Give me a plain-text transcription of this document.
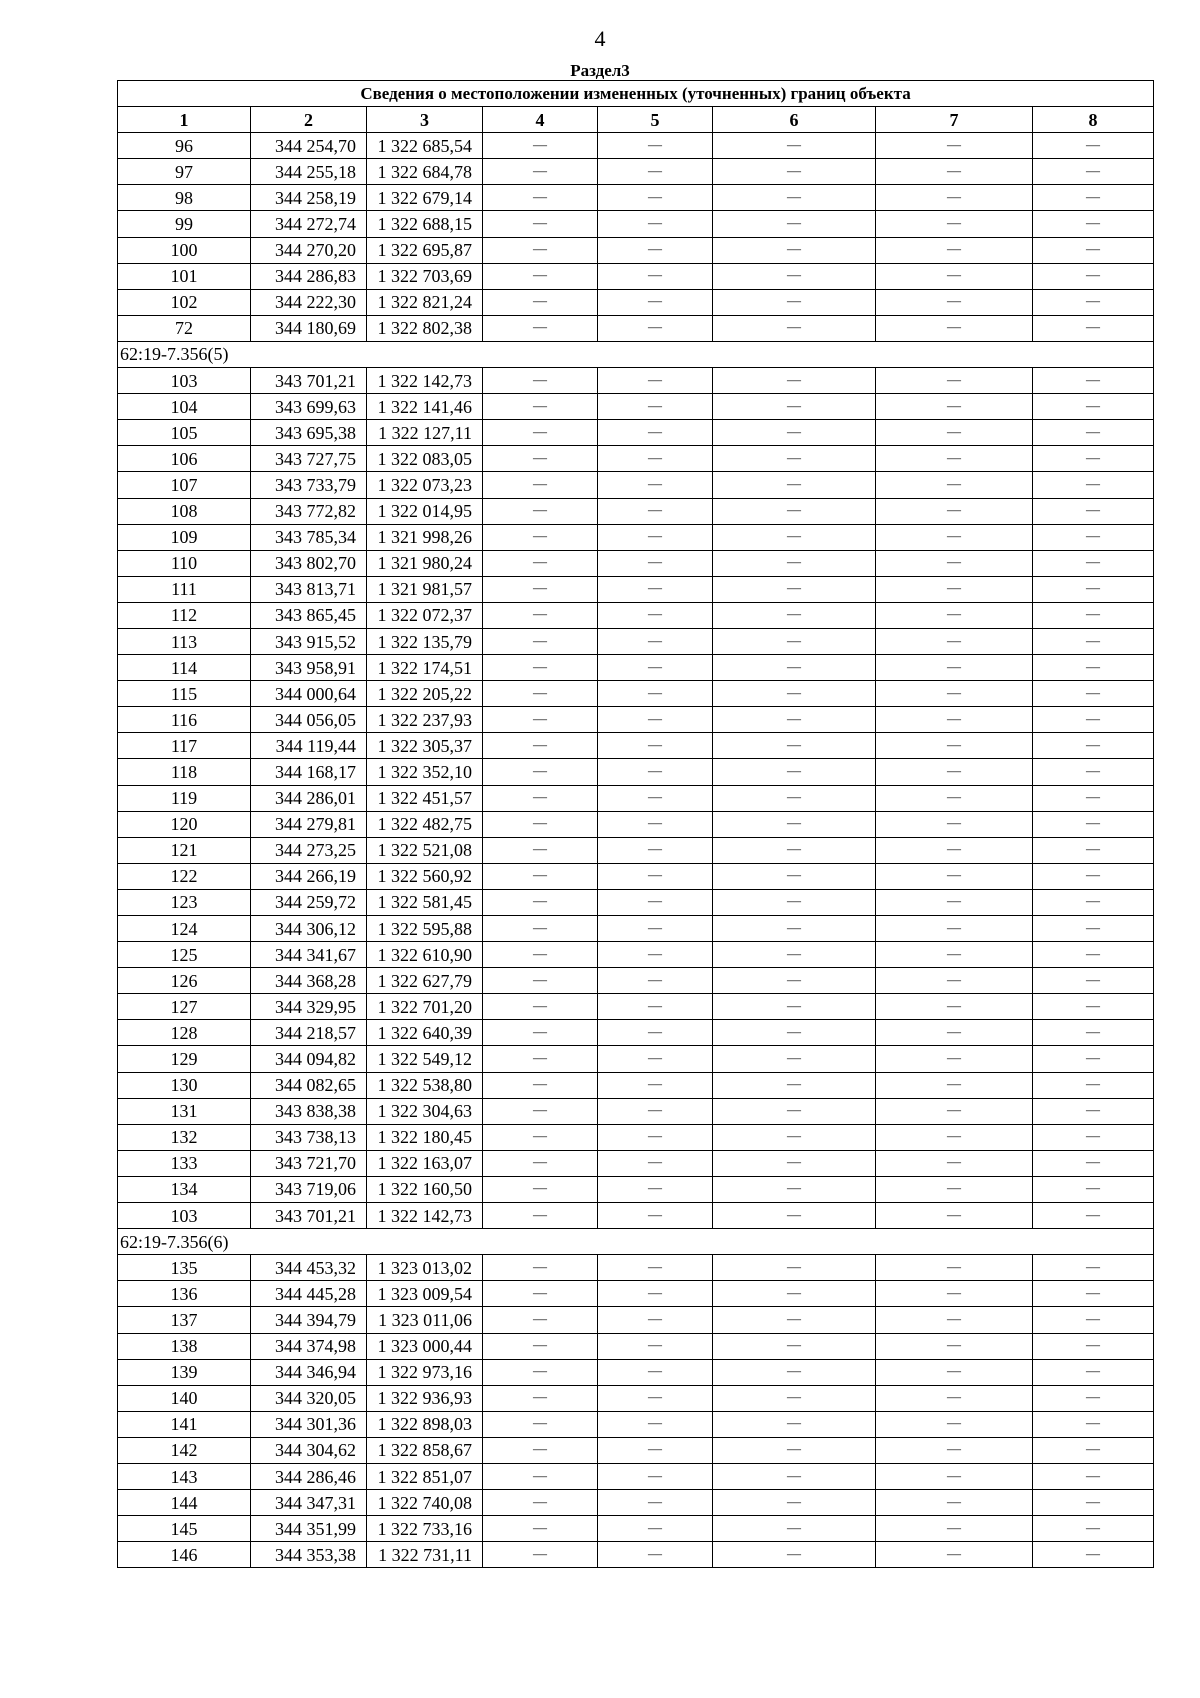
4
Раздел3
Сведения о местоположении измененных (уточненных) границ объекта							
1	2	3	4	5	6	7	8
96	344 254,70	1 322 685,54	—	—	—	—	—
97	344 255,18	1 322 684,78	—	—	—	—	—
98	344 258,19	1 322 679,14	—	—	—	—	—
99	344 272,74	1 322 688,15	—	—	—	—	—
100	344 270,20	1 322 695,87	—	—	—	—	—
101	344 286,83	1 322 703,69	—	—	—	—	—
102	344 222,30	1 322 821,24	—	—	—	—	—
72	344 180,69	1 322 802,38	—	—	—	—	—
62:19-7.356(5)							
103	343 701,21	1 322 142,73	—	—	—	—	—
104	343 699,63	1 322 141,46	—	—	—	—	—
105	343 695,38	1 322 127,11	—	—	—	—	—
106	343 727,75	1 322 083,05	—	—	—	—	—
107	343 733,79	1 322 073,23	—	—	—	—	—
108	343 772,82	1 322 014,95	—	—	—	—	—
109	343 785,34	1 321 998,26	—	—	—	—	—
110	343 802,70	1 321 980,24	—	—	—	—	—
111	343 813,71	1 321 981,57	—	—	—	—	—
112	343 865,45	1 322 072,37	—	—	—	—	—
113	343 915,52	1 322 135,79	—	—	—	—	—
114	343 958,91	1 322 174,51	—	—	—	—	—
115	344 000,64	1 322 205,22	—	—	—	—	—
116	344 056,05	1 322 237,93	—	—	—	—	—
117	344 119,44	1 322 305,37	—	—	—	—	—
118	344 168,17	1 322 352,10	—	—	—	—	—
119	344 286,01	1 322 451,57	—	—	—	—	—
120	344 279,81	1 322 482,75	—	—	—	—	—
121	344 273,25	1 322 521,08	—	—	—	—	—
122	344 266,19	1 322 560,92	—	—	—	—	—
123	344 259,72	1 322 581,45	—	—	—	—	—
124	344 306,12	1 322 595,88	—	—	—	—	—
125	344 341,67	1 322 610,90	—	—	—	—	—
126	344 368,28	1 322 627,79	—	—	—	—	—
127	344 329,95	1 322 701,20	—	—	—	—	—
128	344 218,57	1 322 640,39	—	—	—	—	—
129	344 094,82	1 322 549,12	—	—	—	—	—
130	344 082,65	1 322 538,80	—	—	—	—	—
131	343 838,38	1 322 304,63	—	—	—	—	—
132	343 738,13	1 322 180,45	—	—	—	—	—
133	343 721,70	1 322 163,07	—	—	—	—	—
134	343 719,06	1 322 160,50	—	—	—	—	—
103	343 701,21	1 322 142,73	—	—	—	—	—
62:19-7.356(6)							
135	344 453,32	1 323 013,02	—	—	—	—	—
136	344 445,28	1 323 009,54	—	—	—	—	—
137	344 394,79	1 323 011,06	—	—	—	—	—
138	344 374,98	1 323 000,44	—	—	—	—	—
139	344 346,94	1 322 973,16	—	—	—	—	—
140	344 320,05	1 322 936,93	—	—	—	—	—
141	344 301,36	1 322 898,03	—	—	—	—	—
142	344 304,62	1 322 858,67	—	—	—	—	—
143	344 286,46	1 322 851,07	—	—	—	—	—
144	344 347,31	1 322 740,08	—	—	—	—	—
145	344 351,99	1 322 733,16	—	—	—	—	—
146	344 353,38	1 322 731,11	—	—	—	—	—
